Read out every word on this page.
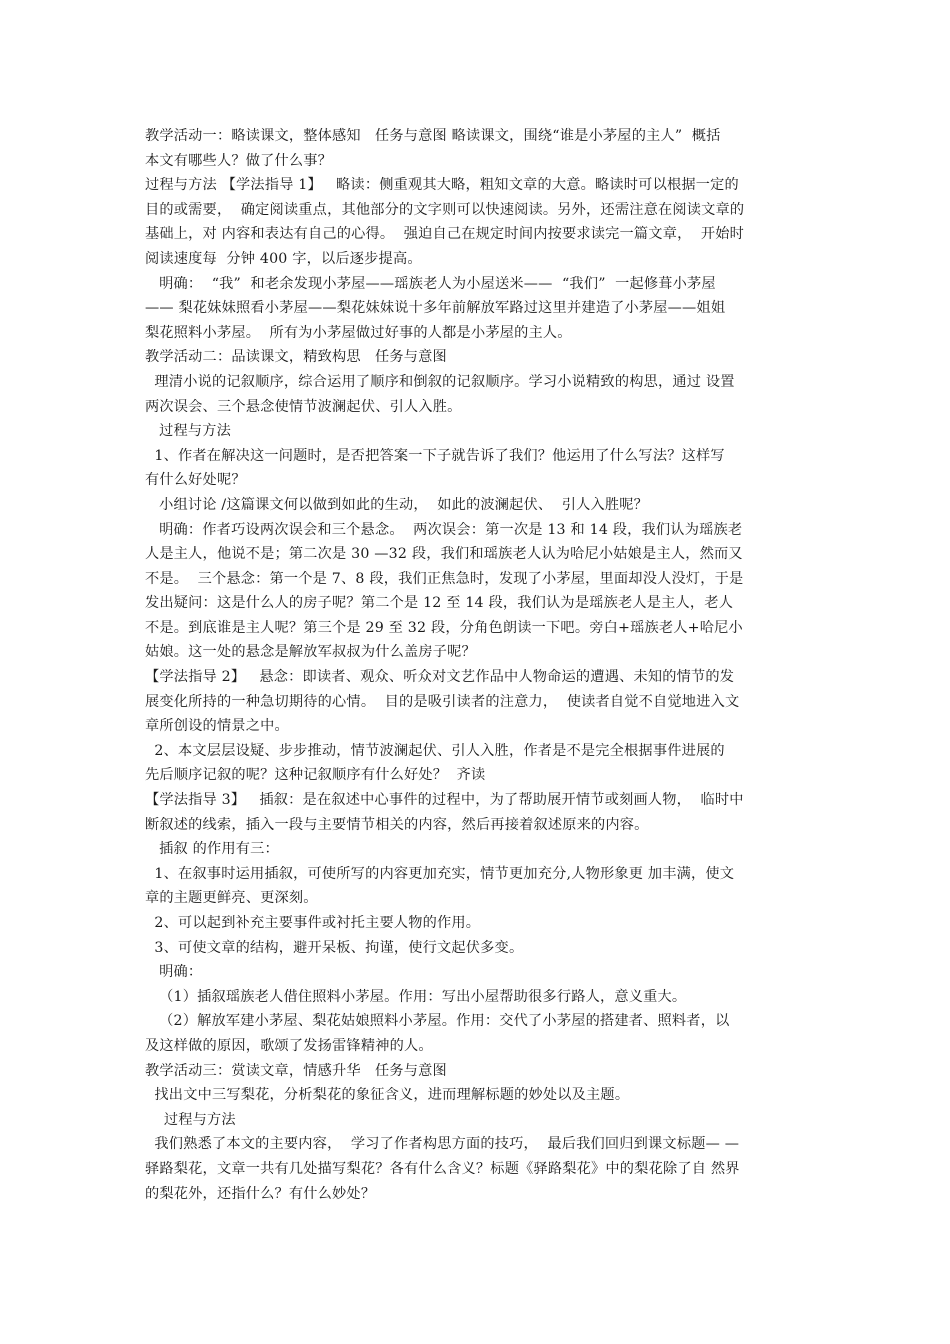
教学活动一：略读课文，整体感知   任务与意图 略读课文，围绕“谁是小茅屋的主人”  概括
本文有哪些人？做了什么事？
过程与方法 【学法指导 1】   略读：侧重观其大略，粗知文章的大意。略读时可以根据一定的
目的或需要，  确定阅读重点，其他部分的文字则可以快速阅读。另外，还需注意在阅读文章的
基础上，对 内容和表达有自己的心得。  强迫自己在规定时间内按要求读完一篇文章，  开始时
阅读速度每  分钟 400 字，以后逐步提高。
明确：  “我”  和老余发现小茅屋——瑶族老人为小屋送米——  “我们”  一起修葺小茅屋
—— 梨花妹妹照看小茅屋——梨花妹妹说十多年前解放军路过这里并建造了小茅屋——姐姐
梨花照料小茅屋。  所有为小茅屋做过好事的人都是小茅屋的主人。
教学活动二：品读课文，精致构思   任务与意图
理清小说的记叙顺序，综合运用了顺序和倒叙的记叙顺序。学习小说精致的构思，通过 设置
两次误会、三个悬念使情节波澜起伏、引人入胜。
过程与方法
1、作者在解决这一问题时，是否把答案一下子就告诉了我们？他运用了什么写法？这样写
有什么好处呢？
小组讨论 /这篇课文何以做到如此的生动，  如此的波澜起伏、  引人入胜呢？
明确：作者巧设两次误会和三个悬念。  两次误会：第一次是 13 和 14 段，我们认为瑶族老
人是主人，他说不是；第二次是 30 —32 段，我们和瑶族老人认为哈尼小姑娘是主人，然而又
不是。  三个悬念：第一个是 7、8 段，我们正焦急时，发现了小茅屋，里面却没人没灯，于是
发出疑问：这是什么人的房子呢？第二个是 12 至 14 段，我们认为是瑶族老人是主人，老人
不是。到底谁是主人呢？第三个是 29 至 32 段，分角色朗读一下吧。旁白+瑶族老人+哈尼小
姑娘。这一处的悬念是解放军叔叔为什么盖房子呢？
【学法指导 2】   悬念：即读者、观众、听众对文艺作品中人物命运的遭遇、未知的情节的发
展变化所持的一种急切期待的心情。  目的是吸引读者的注意力，  使读者自觉不自觉地进入文
章所创设的情景之中。
2、本文层层设疑、步步推动，情节波澜起伏、引人入胜，作者是不是完全根据事件进展的
先后顺序记叙的呢？这种记叙顺序有什么好处？  齐读
【学法指导 3】   插叙：是在叙述中心事件的过程中，为了帮助展开情节或刻画人物，  临时中
断叙述的线索，插入一段与主要情节相关的内容，然后再接着叙述原来的内容。
插叙 的作用有三：
1、在叙事时运用插叙，可使所写的内容更加充实，情节更加充分,人物形象更 加丰满，使文
章的主题更鲜亮、更深刻。
2、可以起到补充主要事件或衬托主要人物的作用。
3、可使文章的结构，避开呆板、拘谨，使行文起伏多变。
明确：
（1）插叙瑶族老人借住照料小茅屋。作用：写出小屋帮助很多行路人，意义重大。
（2）解放军建小茅屋、梨花姑娘照料小茅屋。作用：交代了小茅屋的搭建者、照料者，以
及这样做的原因，歌颂了发扬雷锋精神的人。
教学活动三：赏读文章，情感升华   任务与意图
找出文中三写梨花，分析梨花的象征含义，进而理解标题的妙处以及主题。
过程与方法
我们熟悉了本文的主要内容，  学习了作者构思方面的技巧，  最后我们回归到课文标题— —
驿路梨花，文章一共有几处描写梨花？各有什么含义？标题《驿路梨花》中的梨花除了自 然界
的梨花外，还指什么？有什么妙处？
